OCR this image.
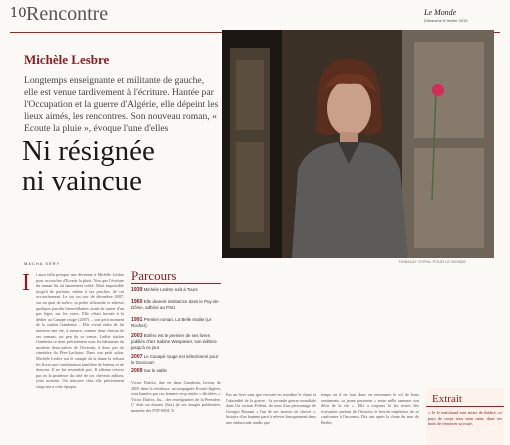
10 Rencontre	Le Monde
Dimanche 8 février 2015
Michèle Lesbre
Longtemps enseignante et militante de gauche, elle est venue tardivement à l'écriture. Hantée par l'Occupation et la guerre d'Algérie, elle dépeint les lieux aimés, les rencontres. Son nouveau roman, « Ecoute la pluie », évoque l'une d'elles
Ni résignée
ni vaincue
THIBAULT STIPAL POUR LE MONDE
MACHA SÉRY
I l aura fallu presque une décennie à Michèle Lesbre pour accoucher d'Ecoute la pluie. Non que l'écriture du roman lui ait hautement coûté. Mais impossible jusqu'à de parfaire, même à ses proches, de cet accouchement. Le sac un soir de décembre 2007, sur un quai de métro, sa petite silhouette et adresse quelques paroles bienveillantes avant de sauter d'un pas léger, sur les voies. Elle s'était bornée à la dédier au Canapé rouge (2007) – son petit moment de la station Gambetta – Elle vivait enfin de lui remettre une vie, à mesure, comme dans chacun de ses romans, un peu de sa venue. Ladite station Gambetta se tient précisément sous les bâtiments du modeste deux-pièces de l'écrivain, à deux pas du cimetière du Père-Lachaise. Dans son petit salon, Michèle Lesbre sur le canapé où la dame la relisait les livres une combinaison familière de lenteur et de douceur. Il ne lui ressemble pas. Il affirme n'avoir pas eu la prudence du côté de ses cheveux auburn, yeux noisette. On retrouve chez elle précisément vingt ans à cette époque.
Parcours
1939 Michèle Lesbre naît à Tours
1960 Elle devient institutrice dans le Puy-de-Dôme, adhère au PSU
1991 Premier roman, La Belle Inutile (Le Rocher).
2003 Boléro est le premier de ses livres publiés chez Sabine Wespieser, son éditrice jusqu'à ce jour
2007 Le Canapé rouge est sélectionné pour le Goncourt
2009 Sur le sable
Victor Dufoix, âne en dans Gambetta, lecteur de 2005 dans la résidence, accompagnée Ecouté légèrer, sont hantées par ces femmes trop seules « décidées ». Victor Dufoix, liu... des enseignantes de la Première, C' était un duraux (Sax) de ses images polémistes, memdre des FTP-MOI. Il
Pas un livre sans que ressorte en sourdine le chant et l'absurdité de la guerre : la seconde guerre mondiale dans Un certain Felleni, du nom d'un personnage de Georgio Bassani « l'un de ses auteurs de chevet », histoire d'un homme parti à relever brusquement dans une embuscade tandis que
temps où il ne faut donc en renommer le vif de leurs sentiments, sa jeune personne « entre mille ramener son désir de la vie ». Elle a toujours lu les textes des écrivaines parlant de l'histoire le besoin impérieux de se confronter à l'inconnu. Dix ans après la chute du mur de Berlin,
Extrait
« Je le marchand tout entier de théâtre, ce pays de corps sous mon cœur, dans ses mots de retrouver sa route,
